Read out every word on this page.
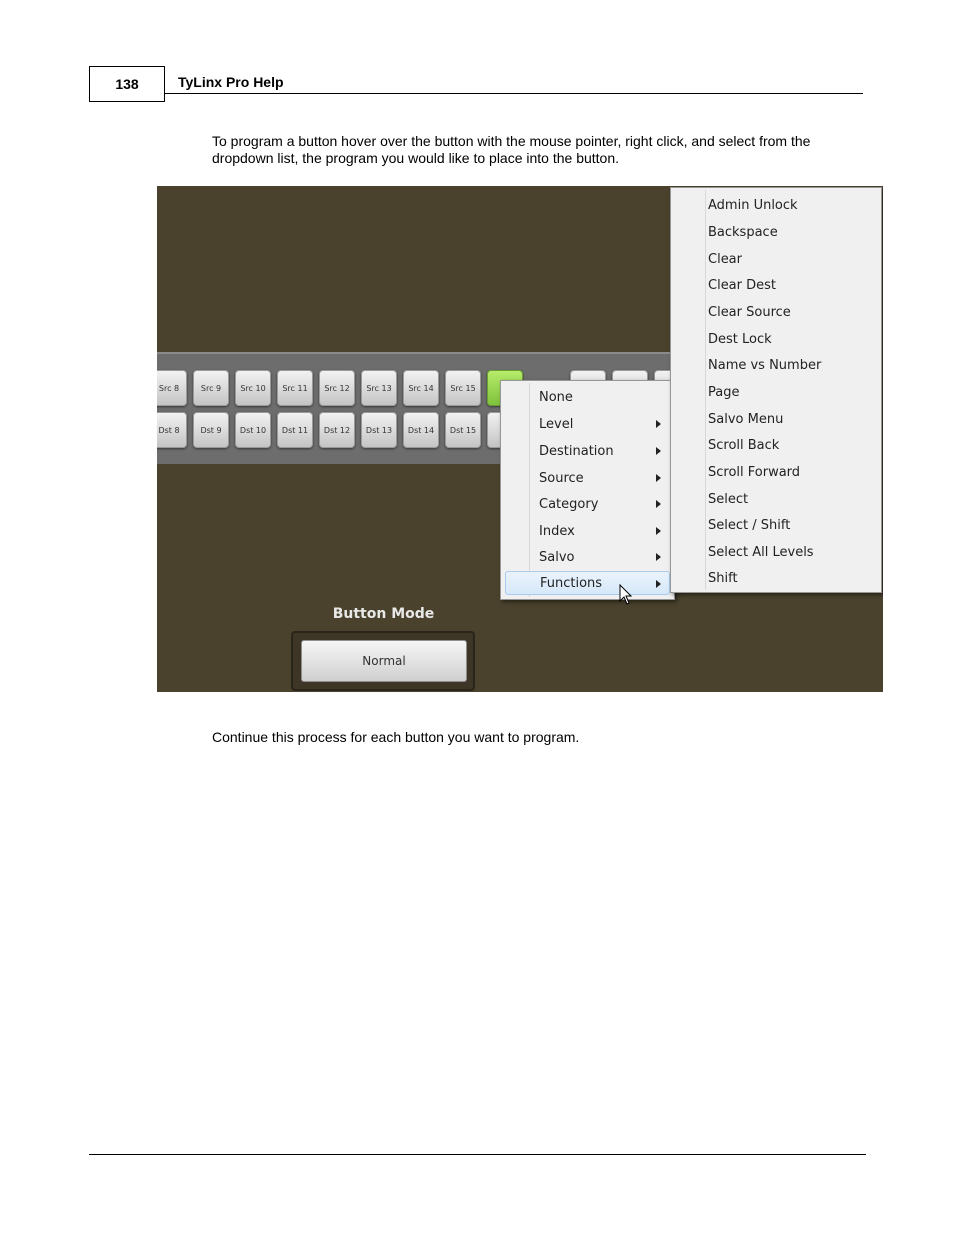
138	TyLinx Pro Help

To program a button hover over the button with the mouse pointer, right click, and select from the dropdown list, the program you would like to place into the button.

Src 8	Src 9	Src 10	Src 11	Src 12	Src 13	Src 14	Src 15
Dst 8	Dst 9	Dst 10	Dst 11	Dst 12	Dst 13	Dst 14	Dst 15
None
Level
Destination
Source
Category
Index
Salvo
Functions
Admin Unlock
Backspace
Clear
Clear Dest
Clear Source
Dest Lock
Name vs Number
Page
Salvo Menu
Scroll Back
Scroll Forward
Select
Select / Shift
Select All Levels
Shift
Button Mode
Normal

Continue this process for each button you want to program.
